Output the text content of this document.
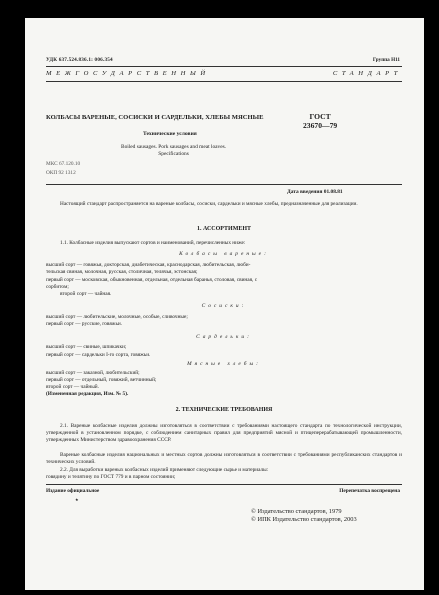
УДК 637.524.836.1: 006.354	Группа Н11
МЕЖГОСУДАРСТВЕННЫЙ СТАНДАРТ
КОЛБАСЫ ВАРЕНЫЕ, СОСИСКИ И САРДЕЛЬКИ, ХЛЕБЫ МЯСНЫЕ	ГОСТ
23670—79
Технические условия
Boiled sausages. Pork sausages and meat loaves.
Specifications
МКС 67.120.10
ОКП 92 1312
Дата введения 01.08.81
Настоящий стандарт распространяется на вареные колбасы, сосиски, сардельки и мясные хлебы, предназначенные для реализации.
1. АССОРТИМЕНТ
1.1. Колбасные изделия выпускают сортов и наименований, перечисленных ниже:
Колбасы вареные:
высший сорт — говяжья, докторская, диабетическая, краснодарская, любительская, люби-
тельская свиная, молочная, русская, столичная, телячья, эстонская;
первый сорт — московская, обыкновенная, отдельная, отдельная баранья, столовая, свиная, с
сорбитом;
второй сорт — чайная.
Сосиски:
высший сорт — любительские, молочные, особые, сливочные;
первый сорт — русские, говяжьи.
Сардельки:
высший сорт — свиные, шпикачки;
первый сорт — сардельки I-го сорта, говяжьи.
Мясные хлебы:
высший сорт — заказной, любительский;
первый сорт — отдельный, говяжий, ветчинный;
второй сорт — чайный.
(Измененная редакция, Изм. № 5).
2. ТЕХНИЧЕСКИЕ ТРЕБОВАНИЯ
2.1. Вареные колбасные изделия должны изготовляться в соответствии с требованиями настоящего стандарта по технологической инструкции, утвержденной в установленном порядке, с соблюдением санитарных правил для предприятий мясной и птицеперерабатывающей промышленности, утвержденных Министерством здравоохранения СССР.
Вареные колбасные изделия национальных и местных сортов должны изготовляться в соответствии с требованиями республиканских стандартов и технических условий.
2.2. Для выработки вареных колбасных изделий применяют следующие сырье и материалы:
говядину и телятину по ГОСТ 779 и в парном состоянии;
Издание официальное
★
Перепечатка воспрещена
© Издательство стандартов, 1979
© ИПК Издательство стандартов, 2003
